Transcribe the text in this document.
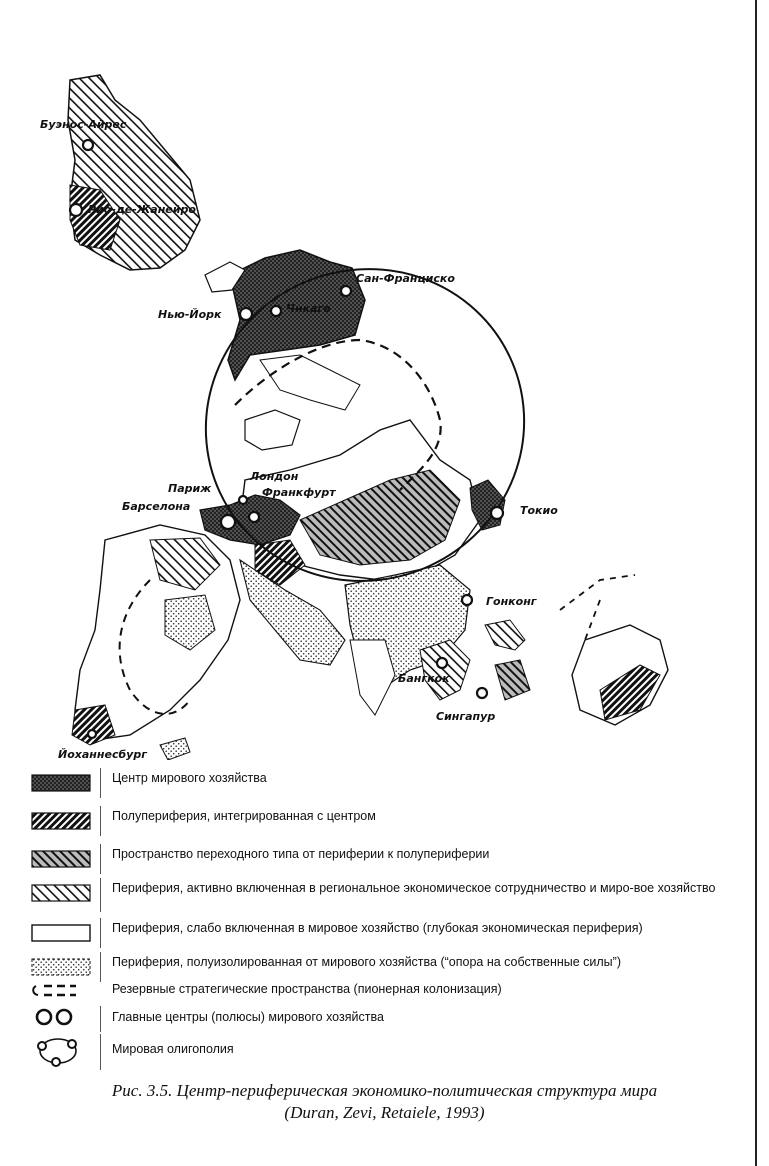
Буэнос-Айрес
Рио-де-Жанейро
Сан-Франциско
Чикаго
Нью-Йорк
Лондон
Париж	Франкфурт
Барселона	Токио
Гонконг
Бангкок
Сингапур
Йоханнесбург
Центр мирового хозяйства
Полупериферия, интегрированная с центром
Пространство переходного типа от периферии к полупериферии
Периферия, активно включенная в региональное экономическое сотрудничество и миро-вое хозяйство
Периферия, слабо включенная в мировое хозяйство (глубокая экономическая периферия)
Периферия, полуизолированная от мирового хозяйства (“опора на собственные силы”)
Резервные стратегические пространства (пионерная колонизация)
Главные центры (полюсы) мирового хозяйства
Мировая олигополия
Рис. 3.5. Центр-периферическая экономико-политическая структура мира
(Duran, Zevi, Retaiele, 1993)
